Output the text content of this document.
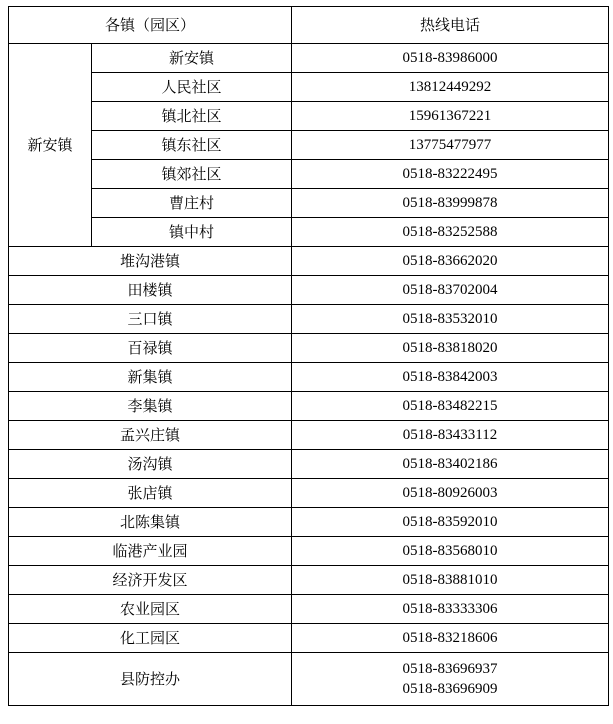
各镇（园区）		热线电话
新安镇	新安镇	0518-83986000
	人民社区	13812449292
	镇北社区	15961367221
	镇东社区	13775477977
	镇郊社区	0518-83222495
	曹庄村	0518-83999878
	镇中村	0518-83252588
堆沟港镇		0518-83662020
田楼镇		0518-83702004
三口镇		0518-83532010
百禄镇		0518-83818020
新集镇		0518-83842003
李集镇		0518-83482215
孟兴庄镇		0518-83433112
汤沟镇		0518-83402186
张店镇		0518-80926003
北陈集镇		0518-83592010
临港产业园		0518-83568010
经济开发区		0518-83881010
农业园区		0518-83333306
化工园区		0518-83218606
县防控办		0518-83696937
0518-83696909
